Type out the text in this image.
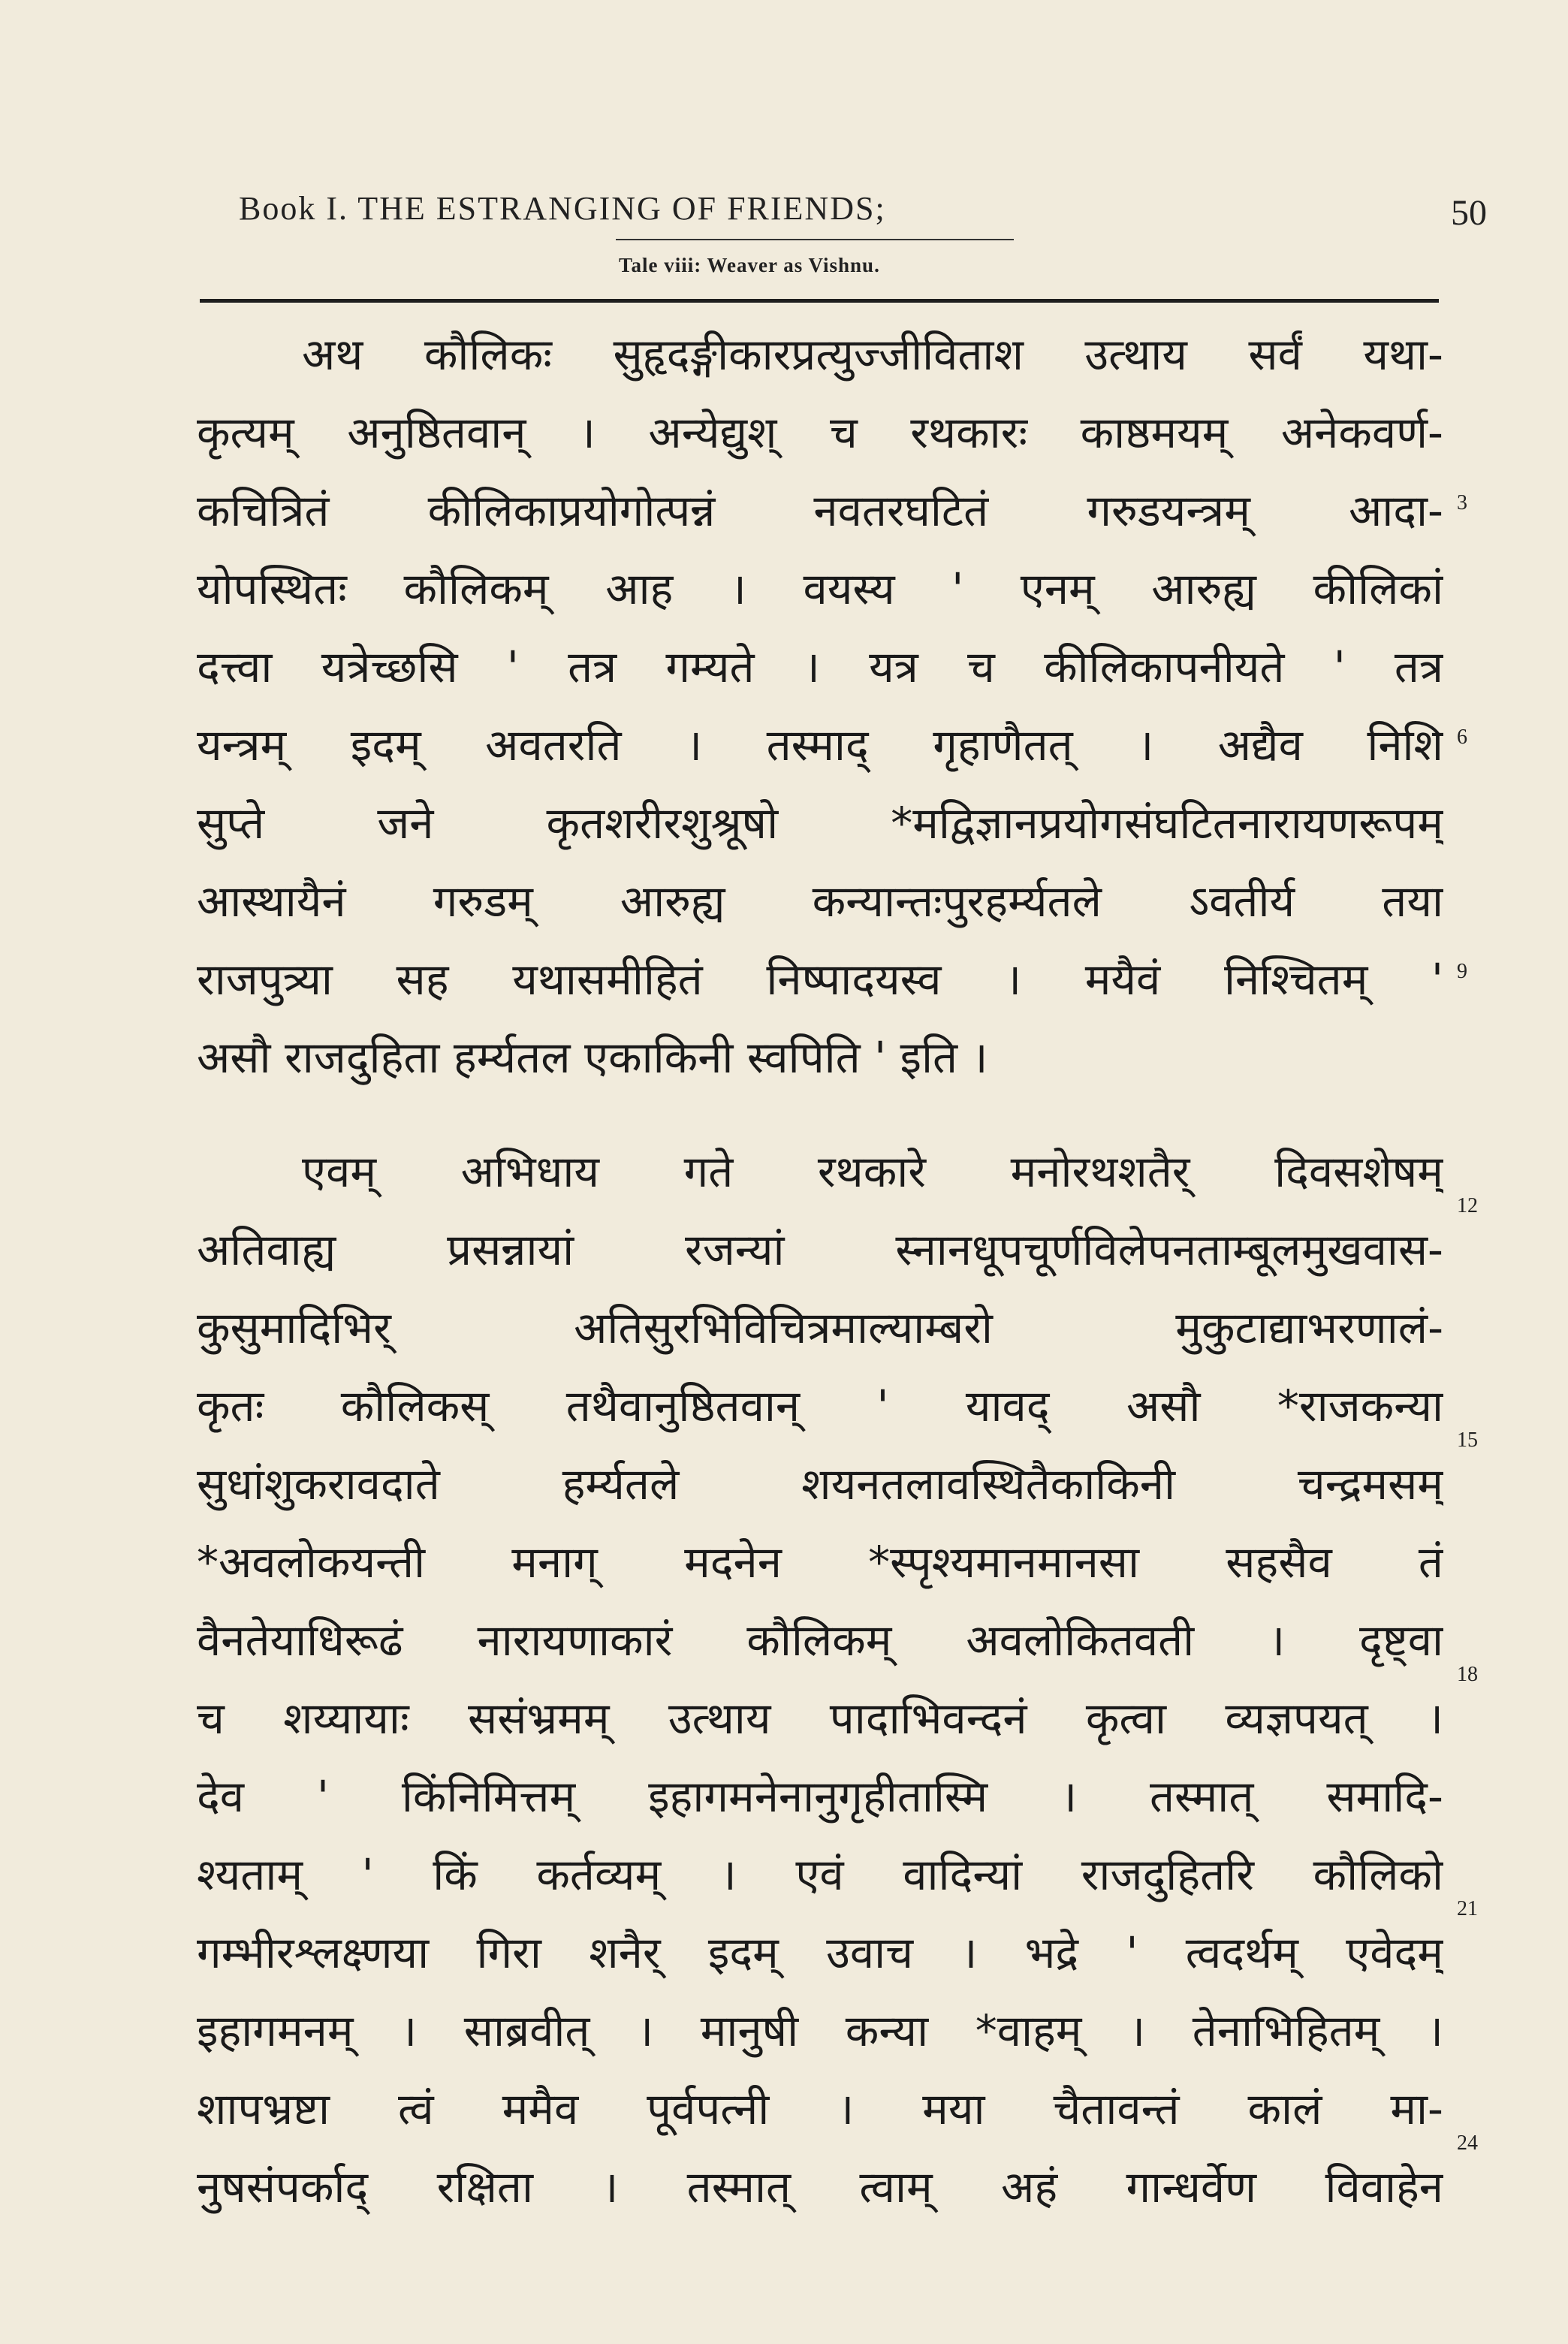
Book I. THE ESTRANGING OF FRIENDS;	50
Tale viii: Weaver as Vishnu.
अथ कौलिकः सुहृदङ्गीकारप्रत्युज्जीविताश उत्थाय सर्वं यथा-
कृत्यम् अनुष्ठितवान् । अन्येद्युश् च रथकारः काष्ठमयम् अनेकवर्ण-
कचित्रितं कीलिकाप्रयोगोत्पन्नं नवतरघटितं गरुडयन्त्रम् आदा-
योपस्थितः कौलिकम् आह । वयस्य ' एनम् आरुह्य कीलिकां
दत्त्वा यत्रेच्छसि ' तत्र गम्यते । यत्र च कीलिकापनीयते ' तत्र
यन्त्रम् इदम् अवतरति । तस्माद् गृहाणैतत् । अद्यैव निशि
सुप्ते जने कृतशरीरशुश्रूषो *मद्विज्ञानप्रयोगसंघटितनारायणरूपम्
आस्थायैनं गरुडम् आरुह्य कन्यान्तःपुरहर्म्यतले ऽवतीर्य तया
राजपुत्र्या सह यथासमीहितं निष्पादयस्व । मयैवं निश्चितम् '
असौ राजदुहिता हर्म्यतल एकाकिनी स्वपिति ' इति ।
एवम् अभिधाय गते रथकारे मनोरथशतैर् दिवसशेषम्
अतिवाह्य प्रसन्नायां रजन्यां स्नानधूपचूर्णविलेपनताम्बूलमुखवास-
कुसुमादिभिर् अतिसुरभिविचित्रमाल्याम्बरो मुकुटाद्याभरणालं-
कृतः कौलिकस् तथैवानुष्ठितवान् ' यावद् असौ *राजकन्या
सुधांशुकरावदाते हर्म्यतले शयनतलावस्थितैकाकिनी चन्द्रमसम्
*अवलोकयन्ती मनाग् मदनेन *स्पृश्यमानमानसा सहसैव तं
वैनतेयाधिरूढं नारायणाकारं कौलिकम् अवलोकितवती । दृष्ट्वा
च शय्यायाः ससंभ्रमम् उत्थाय पादाभिवन्दनं कृत्वा व्यज्ञपयत् ।
देव ' किंनिमित्तम् इहागमनेनानुगृहीतास्मि । तस्मात् समादि-
श्यताम् ' किं कर्तव्यम् । एवं वादिन्यां राजदुहितरि कौलिको
गम्भीरश्लक्ष्णया गिरा शनैर् इदम् उवाच । भद्रे ' त्वदर्थम् एवेदम्
इहागमनम् । साब्रवीत् । मानुषी कन्या *वाहम् । तेनाभिहितम् ।
शापभ्रष्टा त्वं ममैव पूर्वपत्नी । मया चैतावन्तं कालं मा-
नुषसंपर्काद् रक्षिता । तस्मात् त्वाम् अहं गान्धर्वेण विवाहेन
3
6
9
12
15
18
21
24
